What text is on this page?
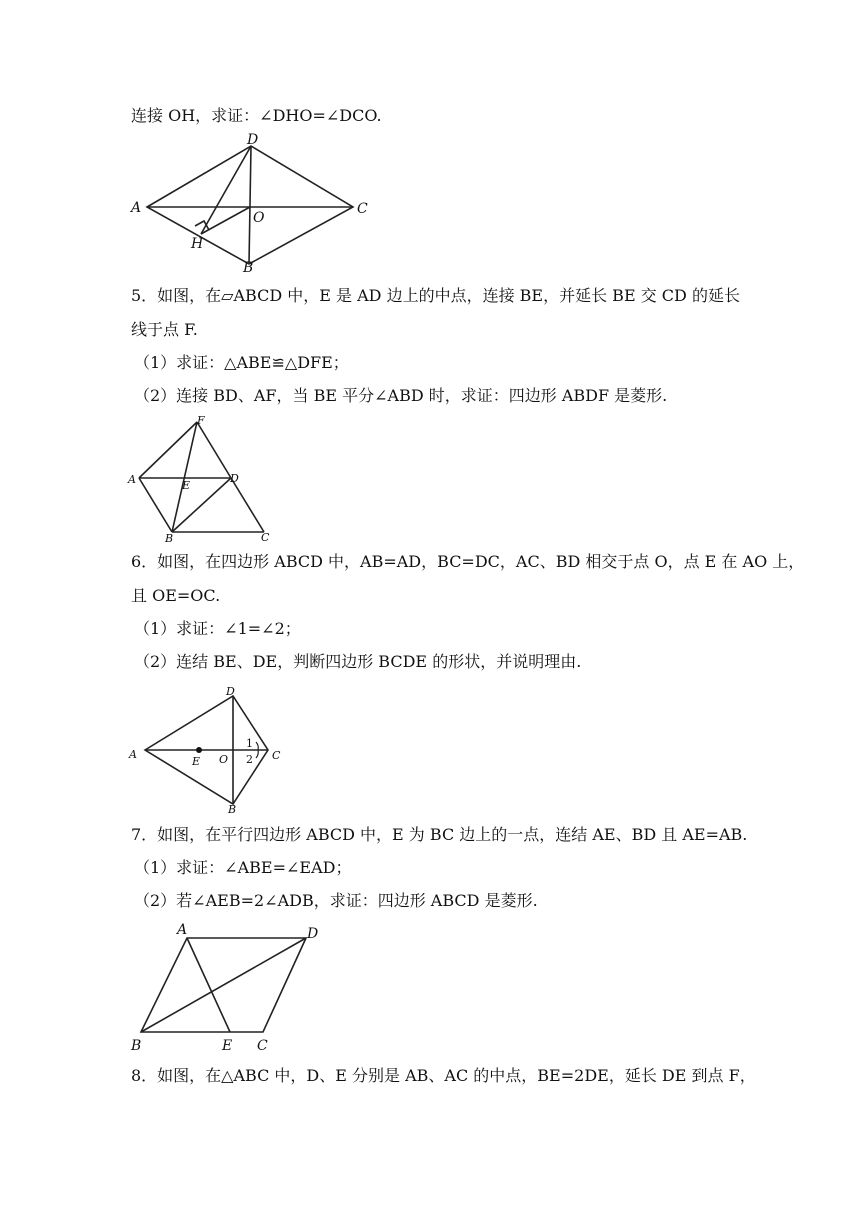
连接 OH，求证：∠DHO=∠DCO.

D
A	C
O
H
B

5．如图，在▱ABCD 中，E 是 AD 边上的中点，连接 BE，并延长 BE 交 CD 的延长

线于点 F.

（1）求证：△ABE≌△DFE；

（2）连接 BD、AF，当 BE 平分∠ABD 时，求证：四边形 ABDF 是菱形.

F
A	D
E
B	C

6．如图，在四边形 ABCD 中，AB=AD，BC=DC，AC、BD 相交于点 O，点 E 在 AO 上，

且 OE=OC.

（1）求证：∠1=∠2；

（2）连结 BE、DE，判断四边形 BCDE 的形状，并说明理由.

D
A
E O
1
2 C
B

7．如图，在平行四边形 ABCD 中，E 为 BC 边上的一点，连结 AE、BD 且 AE=AB.

（1）求证：∠ABE=∠EAD；

（2）若∠AEB=2∠ADB，求证：四边形 ABCD 是菱形.

A	D
B	E C

8．如图，在△ABC 中，D、E 分别是 AB、AC 的中点，BE=2DE，延长 DE 到点 F，
